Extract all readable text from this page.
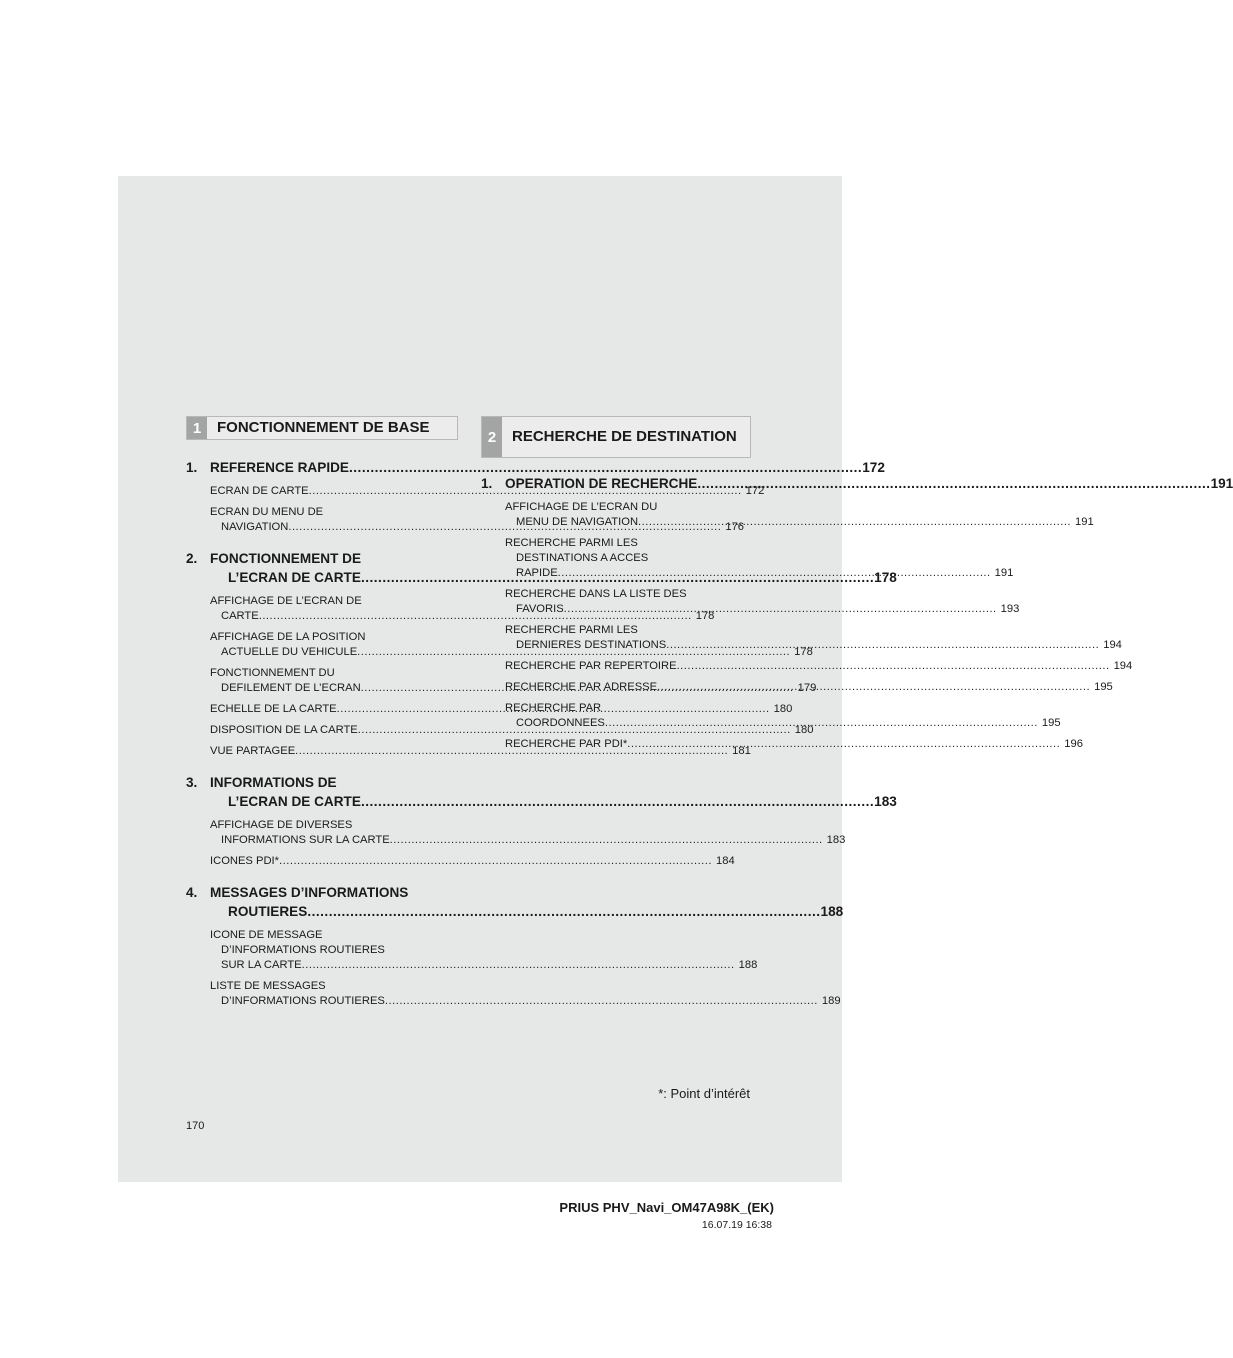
1	FONCTIONNEMENT DE BASE
2	RECHERCHE DE DESTINATION
1. REFERENCE RAPIDE .....	172
ECRAN DE CARTE .....	172
ECRAN DU MENU DE
NAVIGATION .....	176
2. FONCTIONNEMENT DE
L’ECRAN DE CARTE .....	178
AFFICHAGE DE L’ECRAN DE
CARTE .....	178
AFFICHAGE DE LA POSITION
ACTUELLE DU VEHICULE .....	178
FONCTIONNEMENT DU
DEFILEMENT DE L’ECRAN .....	179
ECHELLE DE LA CARTE .....	180
DISPOSITION DE LA CARTE .....	180
VUE PARTAGEE .....	181
3. INFORMATIONS DE
L’ECRAN DE CARTE .....	183
AFFICHAGE DE DIVERSES
INFORMATIONS SUR LA CARTE .....	183
ICONES PDI* .....	184
4. MESSAGES D’INFORMATIONS
ROUTIERES .....	188
ICONE DE MESSAGE
D’INFORMATIONS ROUTIERES
SUR LA CARTE .....	188
LISTE DE MESSAGES
D’INFORMATIONS ROUTIERES .....	189
1. OPERATION DE RECHERCHE .....	191
AFFICHAGE DE L’ECRAN DU
MENU DE NAVIGATION .....	191
RECHERCHE PARMI LES
DESTINATIONS A ACCES
RAPIDE .....	191
RECHERCHE DANS LA LISTE DES
FAVORIS .....	193
RECHERCHE PARMI LES
DERNIERES DESTINATIONS .....	194
RECHERCHE PAR REPERTOIRE .....	194
RECHERCHE PAR ADRESSE .....	195
RECHERCHE PAR
COORDONNEES .....	195
RECHERCHE PAR PDI* .....	196
*: Point d’intérêt
170
PRIUS PHV_Navi_OM47A98K_(EK)
16.07.19 16:38
